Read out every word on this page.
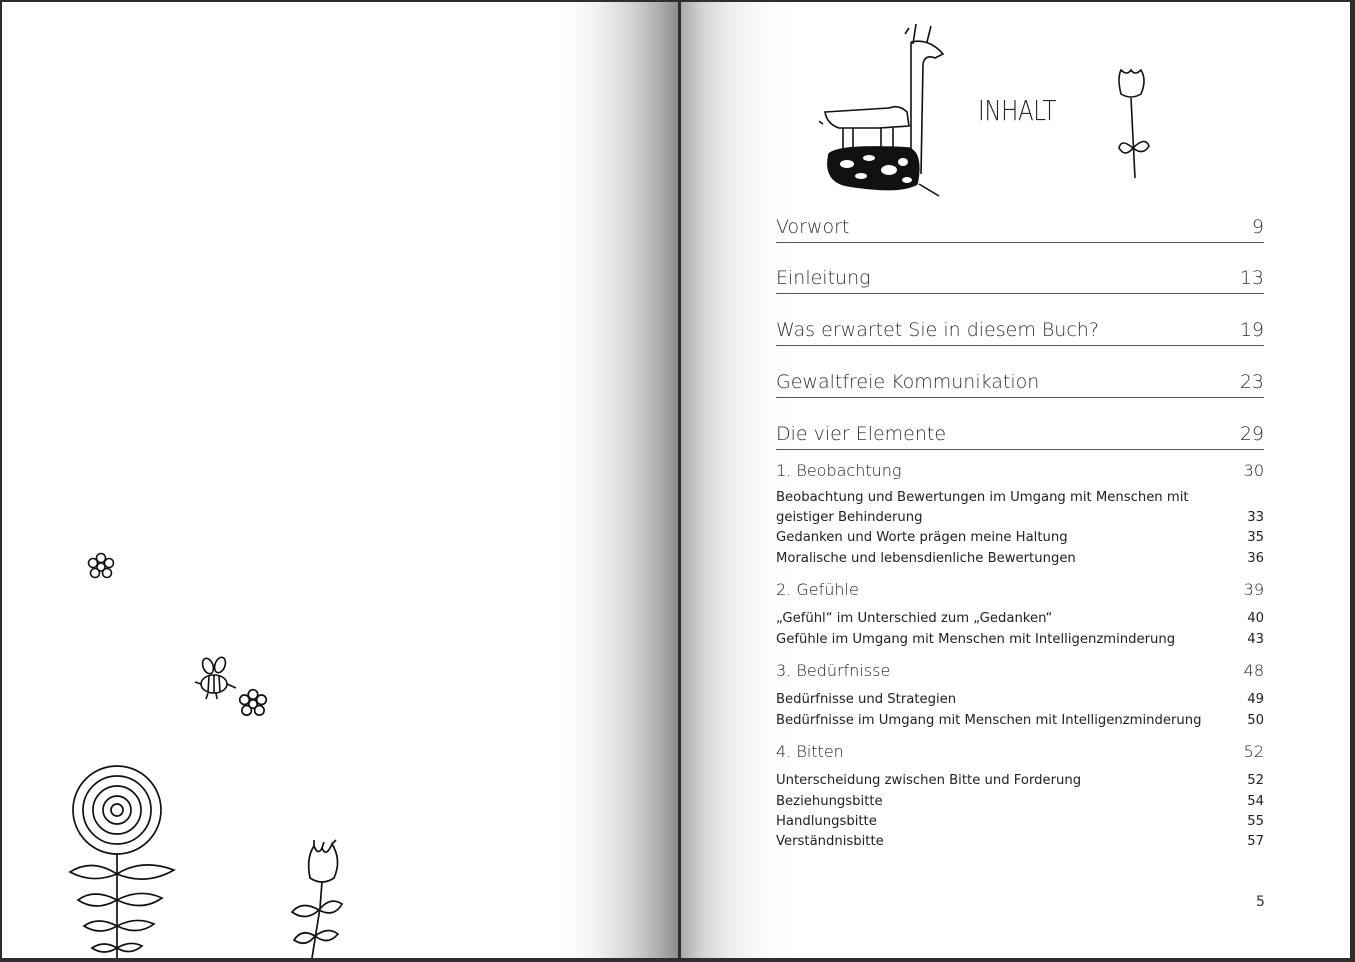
INHALT
Vorwort	9
Einleitung	13
Was erwartet Sie in diesem Buch?	19
Gewaltfreie Kommunikation	23
Die vier Elemente	29
1. Beobachtung	30
Beobachtung und Bewertungen im Umgang mit Menschen mit geistiger Behinderung	33
Gedanken und Worte prägen meine Haltung	35
Moralische und lebensdienliche Bewertungen	36
2. Gefühle	39
„Gefühl“ im Unterschied zum „Gedanken“	40
Gefühle im Umgang mit Menschen mit Intelligenzminderung	43
3. Bedürfnisse	48
Bedürfnisse und Strategien	49
Bedürfnisse im Umgang mit Menschen mit Intelligenzminderung	50
4. Bitten	52
Unterscheidung zwischen Bitte und Forderung	52
Beziehungsbitte	54
Handlungsbitte	55
Verständnisbitte	57
5
